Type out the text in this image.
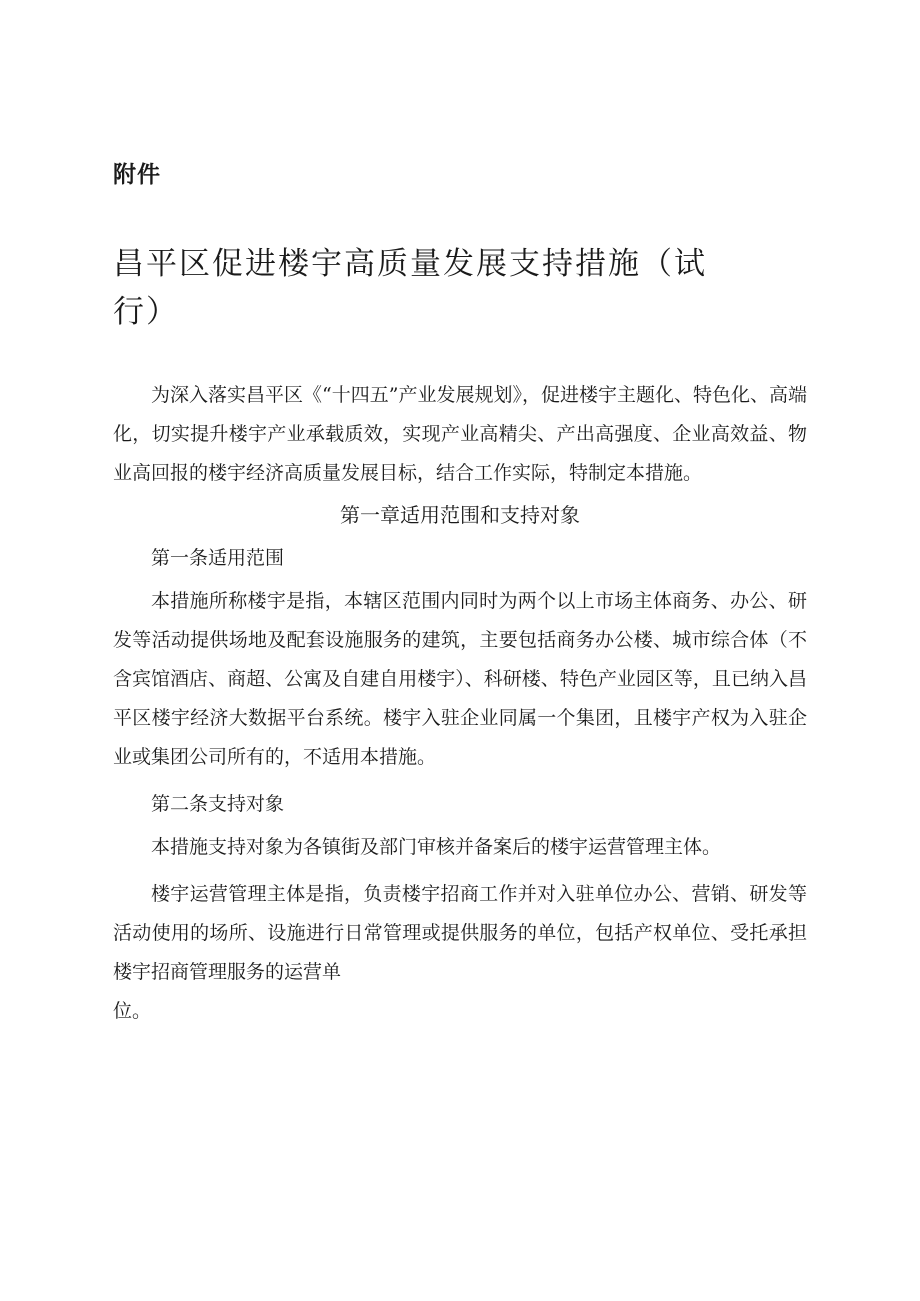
附件
昌平区促进楼宇高质量发展支持措施（试行）

为深入落实昌平区《“十四五”产业发展规划》，促进楼宇主题化、特色化、高端化，切实提升楼宇产业承载质效，实现产业高精尖、产出高强度、企业高效益、物业高回报的楼宇经济高质量发展目标，结合工作实际，特制定本措施。

第一章适用范围和支持对象

第一条适用范围

本措施所称楼宇是指，本辖区范围内同时为两个以上市场主体商务、办公、研发等活动提供场地及配套设施服务的建筑，主要包括商务办公楼、城市综合体（不含宾馆酒店、商超、公寓及自建自用楼宇）、科研楼、特色产业园区等，且已纳入昌平区楼宇经济大数据平台系统。楼宇入驻企业同属一个集团，且楼宇产权为入驻企业或集团公司所有的，不适用本措施。

第二条支持对象

本措施支持对象为各镇街及部门审核并备案后的楼宇运营管理主体。

楼宇运营管理主体是指，负责楼宇招商工作并对入驻单位办公、营销、研发等活动使用的场所、设施进行日常管理或提供服务的单位，包括产权单位、受托承担楼宇招商管理服务的运营单

位。
